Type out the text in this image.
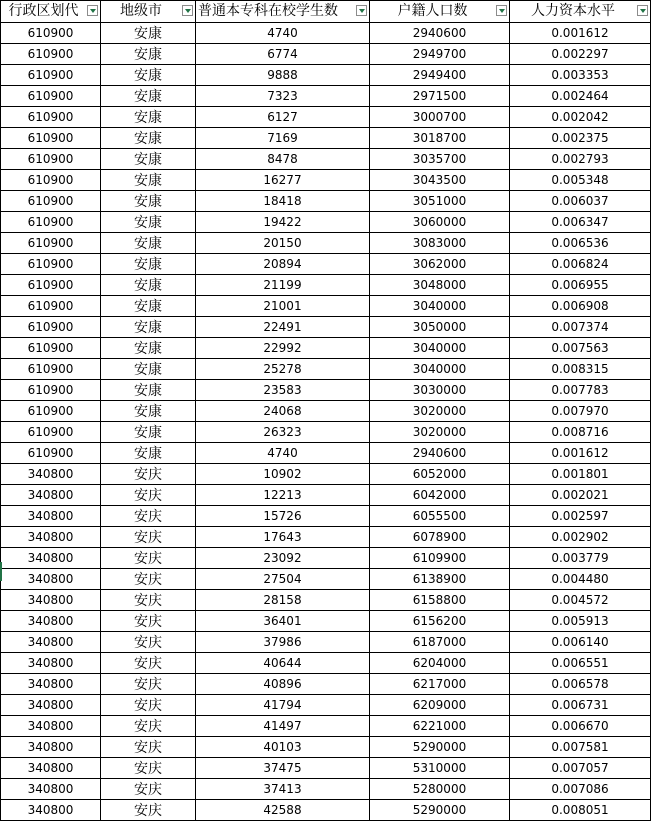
行政区划代	地级市	普通本专科在校学生数	户籍人口数	人力资本水平

610900	安康	4740	2940600	0.001612
610900	安康	6774	2949700	0.002297
610900	安康	9888	2949400	0.003353
610900	安康	7323	2971500	0.002464
610900	安康	6127	3000700	0.002042
610900	安康	7169	3018700	0.002375
610900	安康	8478	3035700	0.002793
610900	安康	16277	3043500	0.005348
610900	安康	18418	3051000	0.006037
610900	安康	19422	3060000	0.006347
610900	安康	20150	3083000	0.006536
610900	安康	20894	3062000	0.006824
610900	安康	21199	3048000	0.006955
610900	安康	21001	3040000	0.006908
610900	安康	22491	3050000	0.007374
610900	安康	22992	3040000	0.007563
610900	安康	25278	3040000	0.008315
610900	安康	23583	3030000	0.007783
610900	安康	24068	3020000	0.007970
610900	安康	26323	3020000	0.008716
610900	安康	4740	2940600	0.001612
340800	安庆	10902	6052000	0.001801
340800	安庆	12213	6042000	0.002021
340800	安庆	15726	6055500	0.002597
340800	安庆	17643	6078900	0.002902
340800	安庆	23092	6109900	0.003779
340800	安庆	27504	6138900	0.004480
340800	安庆	28158	6158800	0.004572
340800	安庆	36401	6156200	0.005913
340800	安庆	37986	6187000	0.006140
340800	安庆	40644	6204000	0.006551
340800	安庆	40896	6217000	0.006578
340800	安庆	41794	6209000	0.006731
340800	安庆	41497	6221000	0.006670
340800	安庆	40103	5290000	0.007581
340800	安庆	37475	5310000	0.007057
340800	安庆	37413	5280000	0.007086
340800	安庆	42588	5290000	0.008051
